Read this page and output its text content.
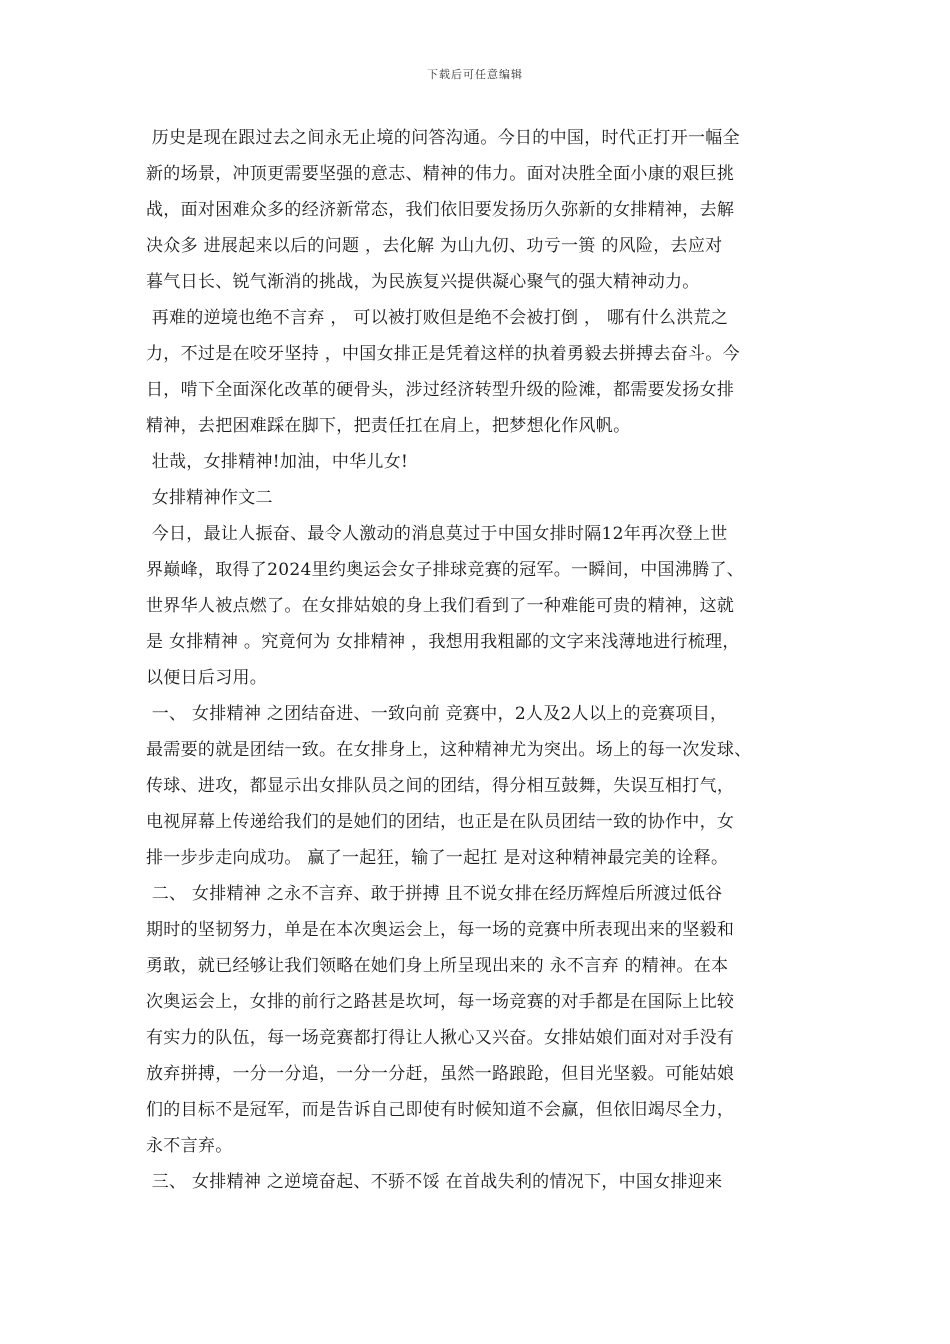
下载后可任意编辑
历史是现在跟过去之间永无止境的问答沟通。今日的中国，时代正打开一幅全
新的场景，冲顶更需要坚强的意志、精神的伟力。面对决胜全面小康的艰巨挑
战，面对困难众多的经济新常态，我们依旧要发扬历久弥新的女排精神，去解
决众多 进展起来以后的问题 ，去化解 为山九仞、功亏一篑 的风险，去应对
暮气日长、锐气渐消的挑战，为民族复兴提供凝心聚气的强大精神动力。
再难的逆境也绝不言弃 ， 可以被打败但是绝不会被打倒 ， 哪有什么洪荒之
力，不过是在咬牙坚持 ，中国女排正是凭着这样的执着勇毅去拼搏去奋斗。今
日，啃下全面深化改革的硬骨头，涉过经济转型升级的险滩，都需要发扬女排
精神，去把困难踩在脚下，把责任扛在肩上，把梦想化作风帆。
壮哉，女排精神!加油，中华儿女!
女排精神作文二
今日，最让人振奋、最令人激动的消息莫过于中国女排时隔12年再次登上世
界巅峰，取得了2024里约奥运会女子排球竞赛的冠军。一瞬间，中国沸腾了、
世界华人被点燃了。在女排姑娘的身上我们看到了一种难能可贵的精神，这就
是 女排精神 。究竟何为 女排精神 ，我想用我粗鄙的文字来浅薄地进行梳理，
以便日后习用。
一、 女排精神 之团结奋进、一致向前 竞赛中，2人及2人以上的竞赛项目，
最需要的就是团结一致。在女排身上，这种精神尤为突出。场上的每一次发球、
传球、进攻，都显示出女排队员之间的团结，得分相互鼓舞，失误互相打气，
电视屏幕上传递给我们的是她们的团结，也正是在队员团结一致的协作中，女
排一步步走向成功。 赢了一起狂，输了一起扛 是对这种精神最完美的诠释。
二、 女排精神 之永不言弃、敢于拼搏 且不说女排在经历辉煌后所渡过低谷
期时的坚韧努力，单是在本次奥运会上，每一场的竞赛中所表现出来的坚毅和
勇敢，就已经够让我们领略在她们身上所呈现出来的 永不言弃 的精神。在本
次奥运会上，女排的前行之路甚是坎坷，每一场竞赛的对手都是在国际上比较
有实力的队伍，每一场竞赛都打得让人揪心又兴奋。女排姑娘们面对对手没有
放弃拼搏，一分一分追，一分一分赶，虽然一路踉跄，但目光坚毅。可能姑娘
们的目标不是冠军，而是告诉自己即使有时候知道不会赢，但依旧竭尽全力，
永不言弃。
三、 女排精神 之逆境奋起、不骄不馁 在首战失利的情况下，中国女排迎来
